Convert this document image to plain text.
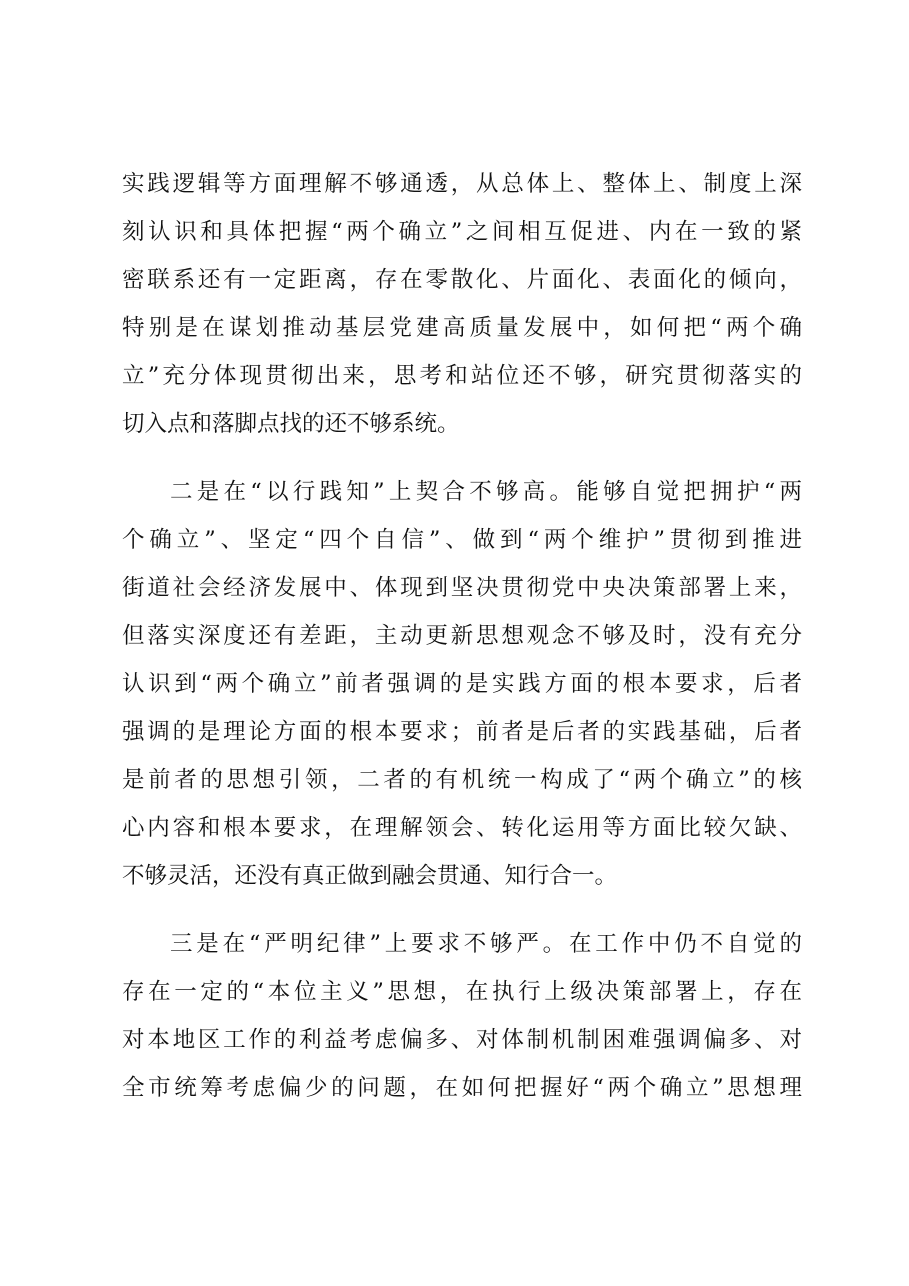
实践逻辑等方面理解不够通透，从总体上、整体上、制度上深
刻认识和具体把握“两个确立”之间相互促进、内在一致的紧
密联系还有一定距离，存在零散化、片面化、表面化的倾向，
特别是在谋划推动基层党建高质量发展中，如何把“两个确
立”充分体现贯彻出来，思考和站位还不够，研究贯彻落实的
切入点和落脚点找的还不够系统。
二是在“以行践知”上契合不够高。能够自觉把拥护“两
个确立”、坚定“四个自信”、做到“两个维护”贯彻到推进
街道社会经济发展中、体现到坚决贯彻党中央决策部署上来，
但落实深度还有差距，主动更新思想观念不够及时，没有充分
认识到“两个确立”前者强调的是实践方面的根本要求，后者
强调的是理论方面的根本要求；前者是后者的实践基础，后者
是前者的思想引领，二者的有机统一构成了“两个确立”的核
心内容和根本要求，在理解领会、转化运用等方面比较欠缺、
不够灵活，还没有真正做到融会贯通、知行合一。
三是在“严明纪律”上要求不够严。在工作中仍不自觉的
存在一定的“本位主义”思想，在执行上级决策部署上，存在
对本地区工作的利益考虑偏多、对体制机制困难强调偏多、对
全市统筹考虑偏少的问题，在如何把握好“两个确立”思想理
